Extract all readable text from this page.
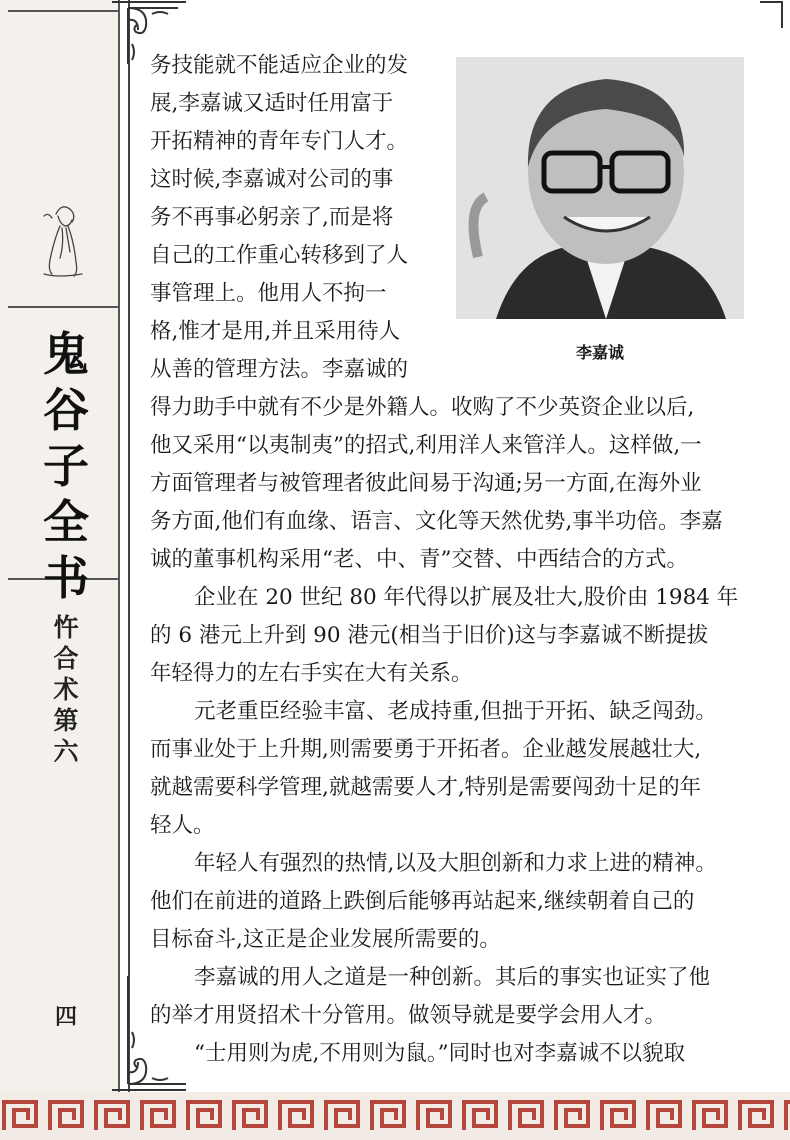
鬼
谷
子
全
书
忤
合
术
第
六
四
李嘉诚
务技能就不能适应企业的发
展,李嘉诚又适时任用富于
开拓精神的青年专门人才。
这时候,李嘉诚对公司的事
务不再事必躬亲了,而是将
自己的工作重心转移到了人
事管理上。他用人不拘一
格,惟才是用,并且采用待人
从善的管理方法。李嘉诚的
得力助手中就有不少是外籍人。收购了不少英资企业以后,
他又采用“以夷制夷”的招式,利用洋人来管洋人。这样做,一
方面管理者与被管理者彼此间易于沟通;另一方面,在海外业
务方面,他们有血缘、语言、文化等天然优势,事半功倍。李嘉
诚的董事机构采用“老、中、青”交替、中西结合的方式。
企业在 20 世纪 80 年代得以扩展及壮大,股价由 1984 年
的 6 港元上升到 90 港元(相当于旧价)这与李嘉诚不断提拔
年轻得力的左右手实在大有关系。
元老重臣经验丰富、老成持重,但拙于开拓、缺乏闯劲。
而事业处于上升期,则需要勇于开拓者。企业越发展越壮大,
就越需要科学管理,就越需要人才,特别是需要闯劲十足的年
轻人。
年轻人有强烈的热情,以及大胆创新和力求上进的精神。
他们在前进的道路上跌倒后能够再站起来,继续朝着自己的
目标奋斗,这正是企业发展所需要的。
李嘉诚的用人之道是一种创新。其后的事实也证实了他
的举才用贤招术十分管用。做领导就是要学会用人才。
“士用则为虎,不用则为鼠。”同时也对李嘉诚不以貌取
